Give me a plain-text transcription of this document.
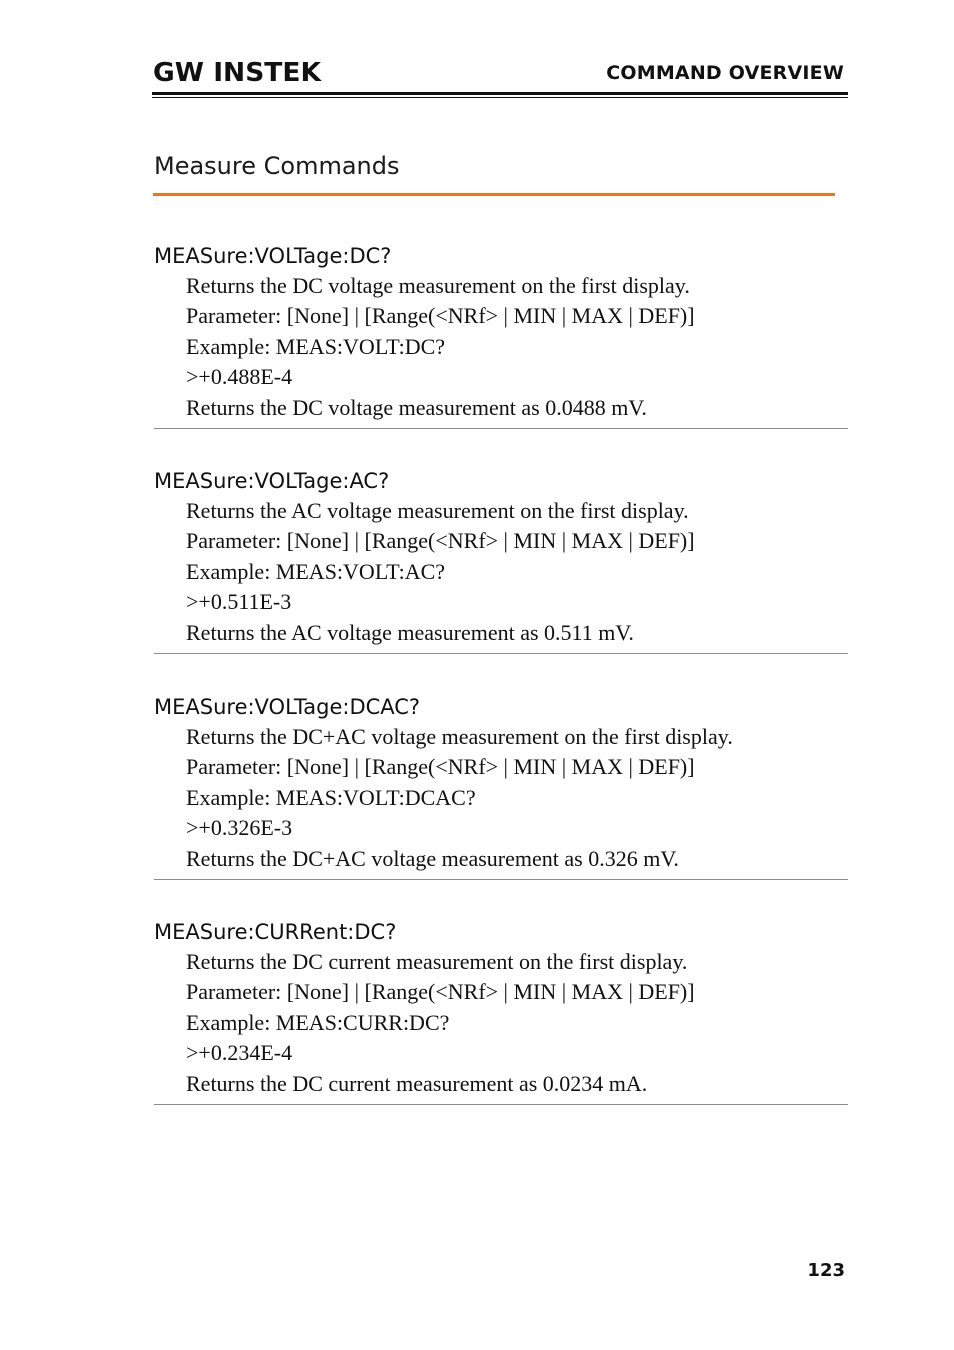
GW INSTEK	COMMAND OVERVIEW
Measure Commands
MEASure:VOLTage:DC?
Returns the DC voltage measurement on the first display.
Parameter: [None] | [Range(<NRf> | MIN | MAX | DEF)]
Example: MEAS:VOLT:DC?
>+0.488E-4
Returns the DC voltage measurement as 0.0488 mV.
MEASure:VOLTage:AC?
Returns the AC voltage measurement on the first display.
Parameter: [None] | [Range(<NRf> | MIN | MAX | DEF)]
Example: MEAS:VOLT:AC?
>+0.511E-3
Returns the AC voltage measurement as 0.511 mV.
MEASure:VOLTage:DCAC?
Returns the DC+AC voltage measurement on the first display.
Parameter: [None] | [Range(<NRf> | MIN | MAX | DEF)]
Example: MEAS:VOLT:DCAC?
>+0.326E-3
Returns the DC+AC voltage measurement as 0.326 mV.
MEASure:CURRent:DC?
Returns the DC current measurement on the first display.
Parameter: [None] | [Range(<NRf> | MIN | MAX | DEF)]
Example: MEAS:CURR:DC?
>+0.234E-4
Returns the DC current measurement as 0.0234 mA.
123
